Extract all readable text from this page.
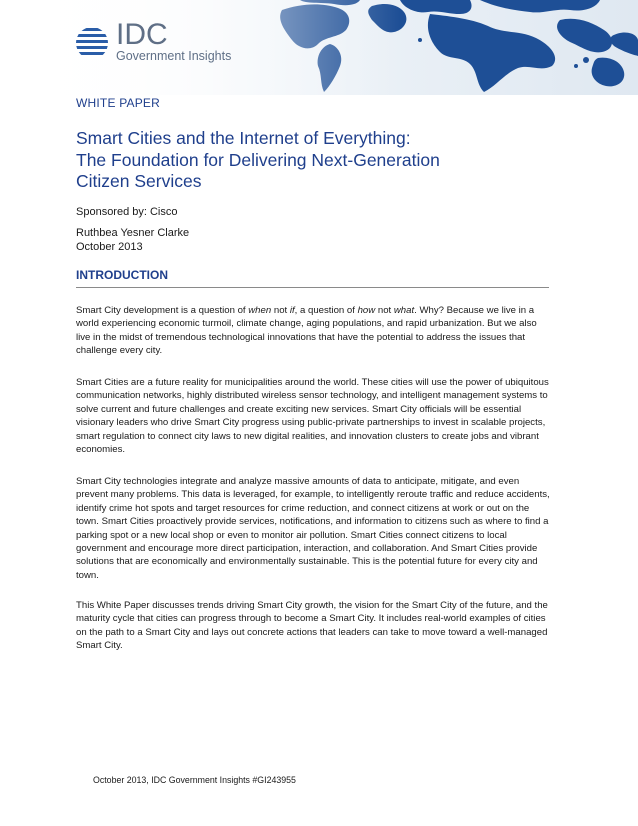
IDC
Government Insights
WHITE PAPER
Smart Cities and the Internet of Everything:
The Foundation for Delivering Next-Generation
Citizen Services
Sponsored by: Cisco
Ruthbea Yesner Clarke
October 2013
INTRODUCTION

Smart City development is a question of when not if, a question of how not what. Why? Because we live in a world experiencing economic turmoil, climate change, aging populations, and rapid urbanization. But we also live in the midst of tremendous technological innovations that have the potential to address the issues that challenge every city.

Smart Cities are a future reality for municipalities around the world. These cities will use the power of ubiquitous communication networks, highly distributed wireless sensor technology, and intelligent management systems to solve current and future challenges and create exciting new services. Smart City officials will be essential visionary leaders who drive Smart City progress using public-private partnerships to invest in scalable projects, smart regulation to connect city laws to new digital realities, and innovation clusters to create jobs and vibrant economies.

Smart City technologies integrate and analyze massive amounts of data to anticipate, mitigate, and even prevent many problems. This data is leveraged, for example, to intelligently reroute traffic and reduce accidents, identify crime hot spots and target resources for crime reduction, and connect citizens at work or out on the town. Smart Cities proactively provide services, notifications, and information to citizens such as where to find a parking spot or a new local shop or even to monitor air pollution. Smart Cities connect citizens to local government and encourage more direct participation, interaction, and collaboration. And Smart Cities provide solutions that are economically and environmentally sustainable. This is the potential future for every city and town.

This White Paper discusses trends driving Smart City growth, the vision for the Smart City of the future, and the maturity cycle that cities can progress through to become a Smart City. It includes real-world examples of cities on the path to a Smart City and lays out concrete actions that leaders can take to move toward a well-managed Smart City.

October 2013, IDC Government Insights #GI243955
